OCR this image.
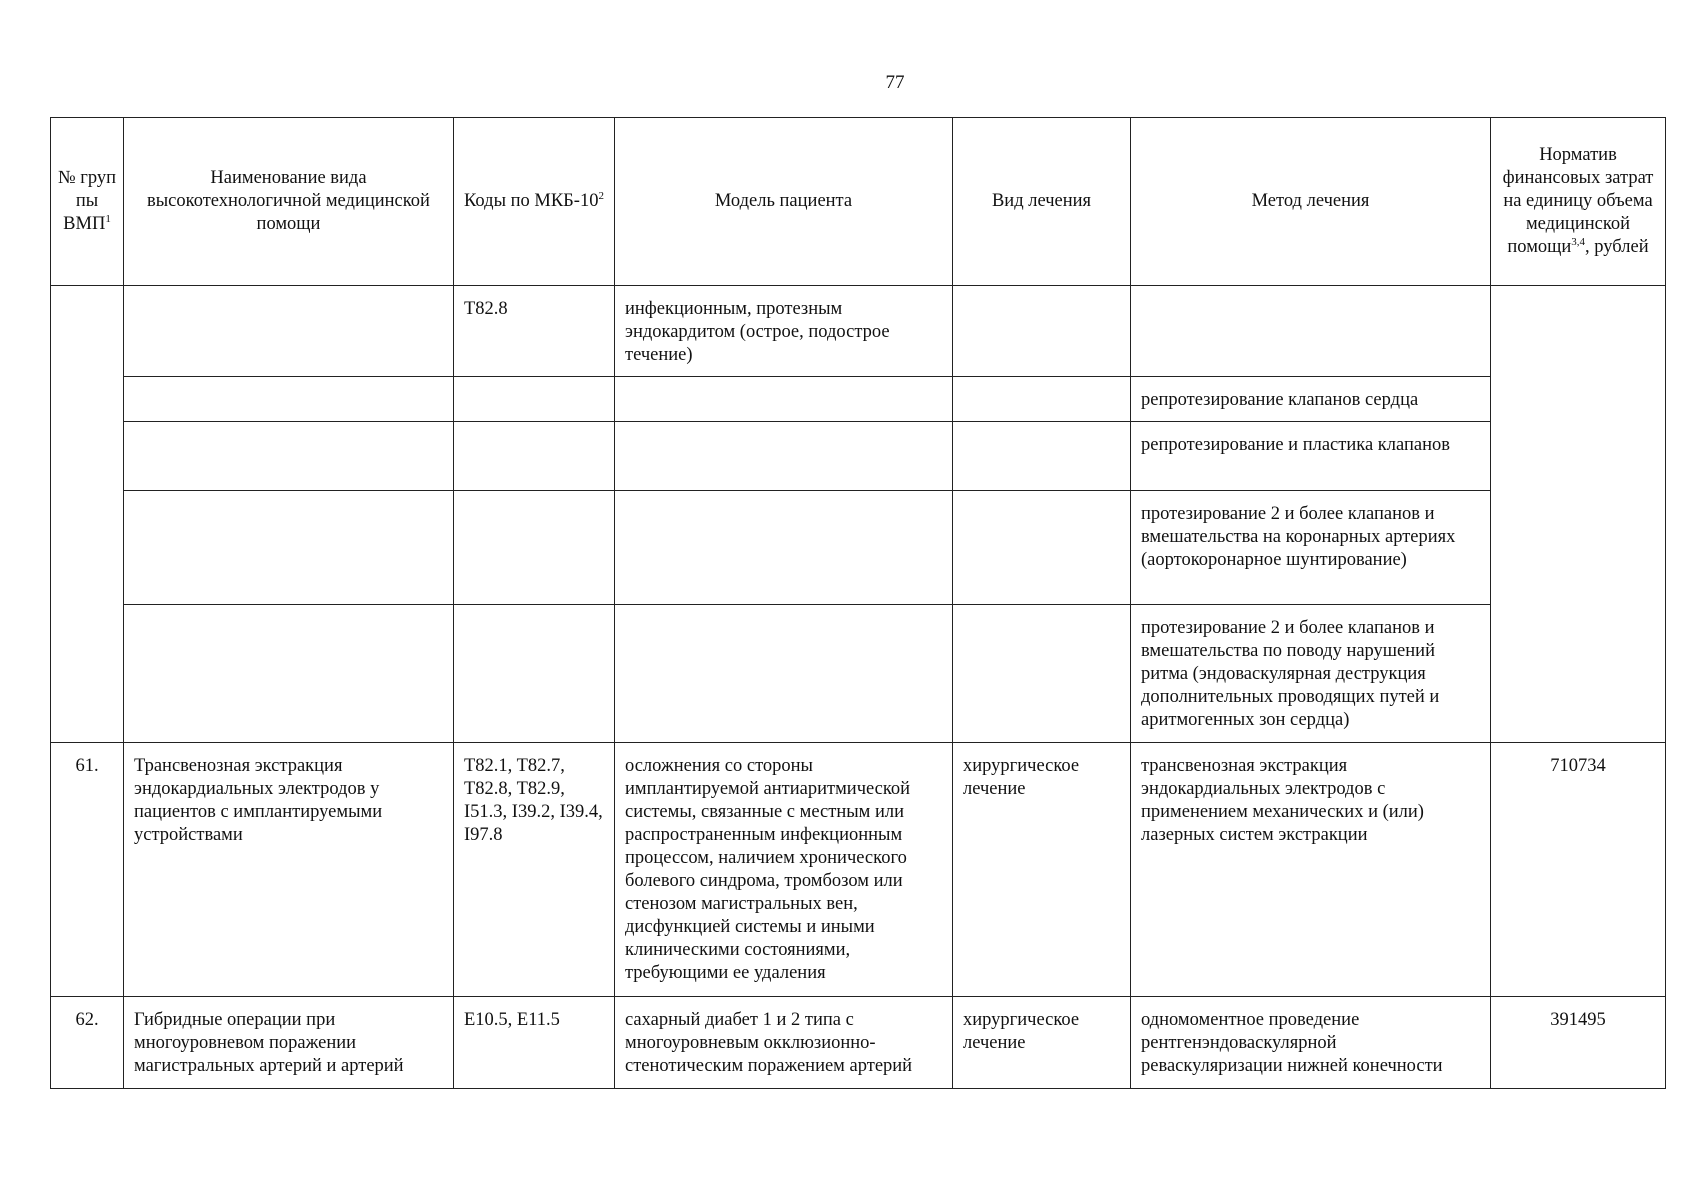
77
№ груп пы ВМП$^1$	Наименование вида высокотехнологичной медицинской помощи	Коды по МКБ-$10^2$	Модель пациента	Вид лечения	Метод лечения	Норматив финансовых затрат на единицу объема медицинской помощи$^{3,4}$, рублей
		T82.8	инфекционным, протезным эндокардитом (острое, подострое течение)			
					репротезирование клапанов сердца	
					репротезирование и пластика клапанов	
					протезирование 2 и более клапанов и вмешательства на коронарных артериях (аортокоронарное шунтирование)	
					протезирование 2 и более клапанов и вмешательства по поводу нарушений ритма (эндоваскулярная деструкция дополнительных проводящих путей и аритмогенных зон сердца)	
61.	Трансвенозная экстракция эндокардиальных электродов у пациентов с имплантируемыми устройствами	T82.1, T82.7, T82.8, T82.9, I51.3, I39.2, I39.4, I97.8	осложнения со стороны имплантируемой антиаритмической системы, связанные с местным или распространенным инфекционным процессом, наличием хронического болевого синдрома, тромбозом или стенозом магистральных вен, дисфункцией системы и иными клиническими состояниями, требующими ее удаления	хирургическое лечение	трансвенозная экстракция эндокардиальных электродов с применением механических и (или) лазерных систем экстракции	710734
62.	Гибридные операции при многоуровневом поражении магистральных артерий и артерий	E10.5, E11.5	сахарный диабет 1 и 2 типа с многоуровневым окклюзионно-стенотическим поражением артерий	хирургическое лечение	одномоментное проведение рентгенэндоваскулярной реваскуляризации нижней конечности	391495
